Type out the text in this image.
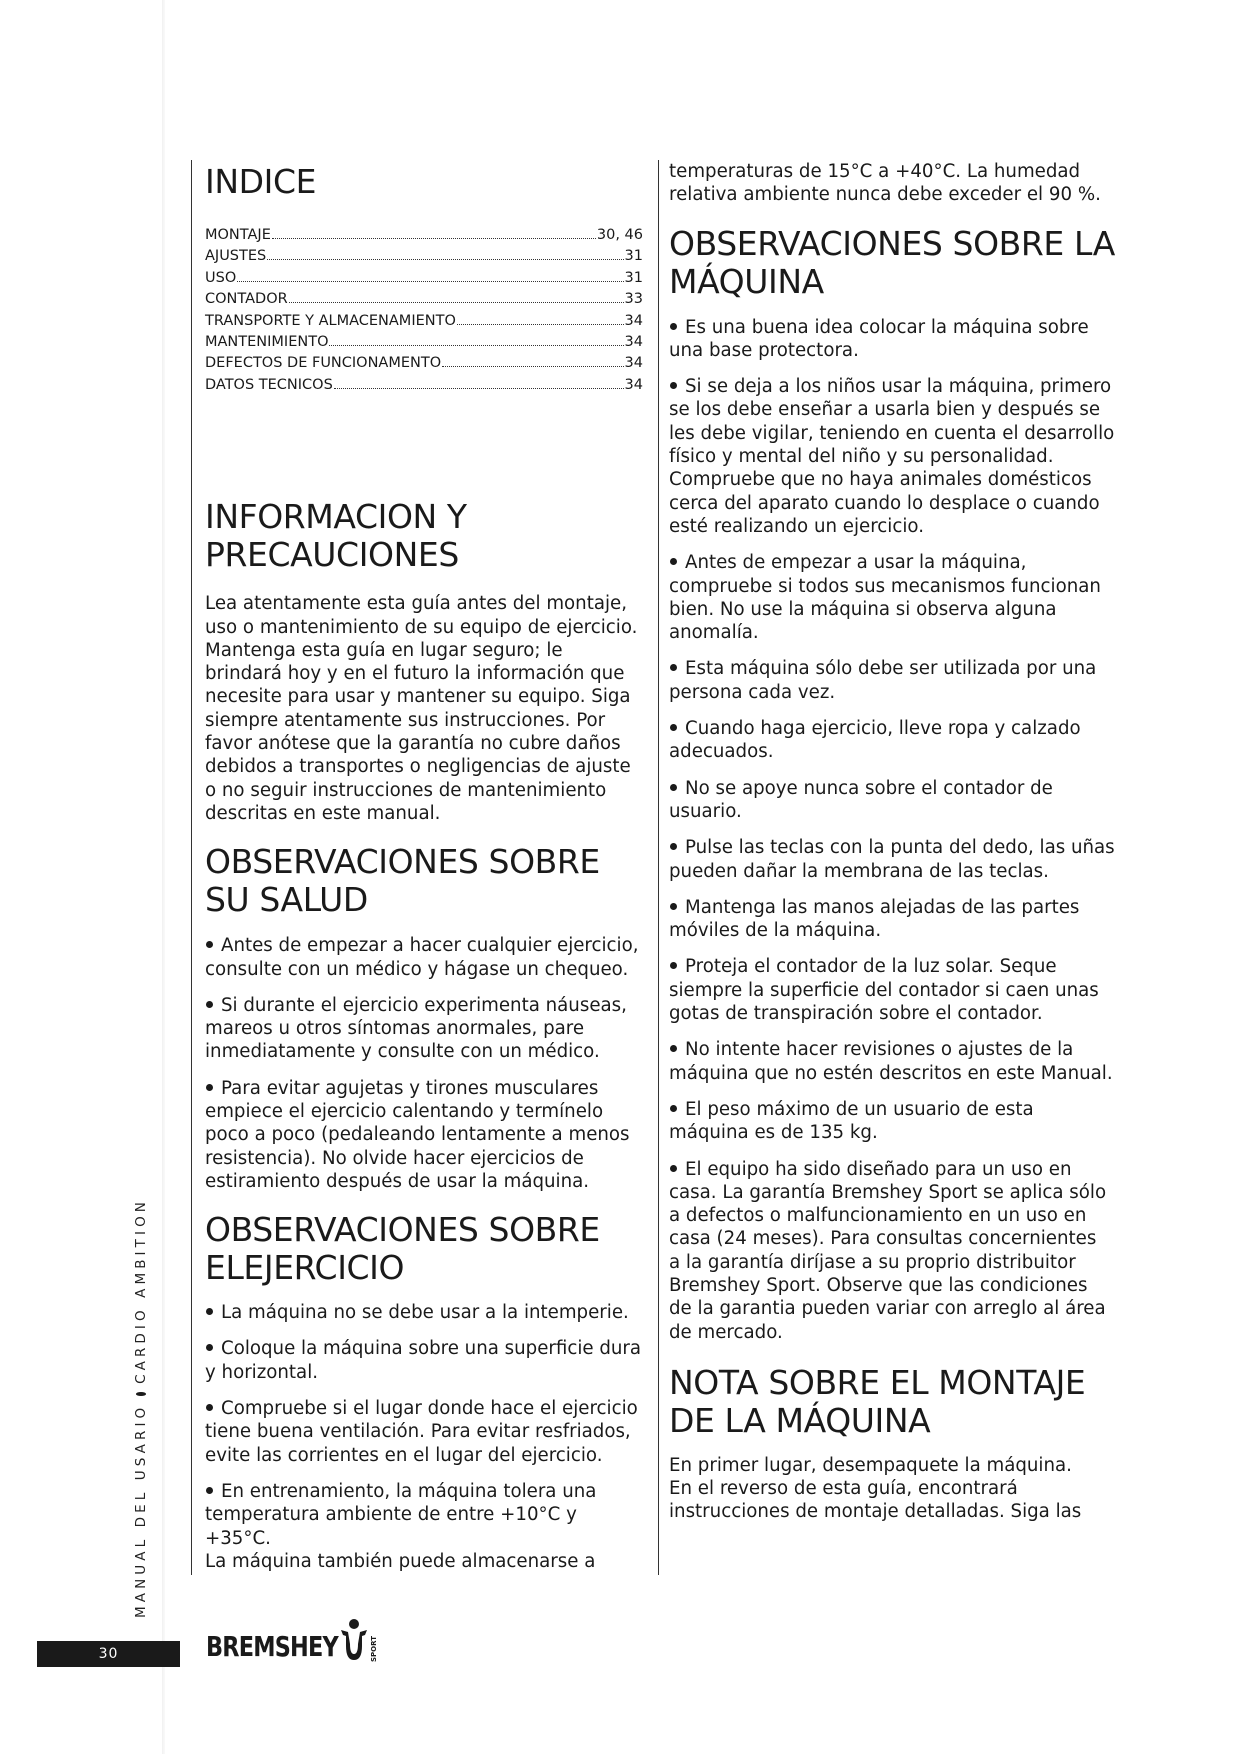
INDICE
MONTAJE	30, 46
AJUSTES	31
USO	31
CONTADOR	33
TRANSPORTE Y ALMACENAMIENTO	34
MANTENIMIENTO	34
DEFECTOS DE FUNCIONAMENTO	34
DATOS TECNICOS	34
INFORMACION Y
PRECAUCIONES
Lea atentamente esta guía antes del montaje,
uso o mantenimiento de su equipo de ejercicio.
Mantenga esta guía en lugar seguro; le
brindará hoy y en el futuro la información que
necesite para usar y mantener su equipo. Siga
siempre atentamente sus instrucciones. Por
favor anótese que la garantía no cubre daños
debidos a transportes o negligencias de ajuste
o no seguir instrucciones de mantenimiento
descritas en este manual.
OBSERVACIONES SOBRE
SU SALUD
Antes de empezar a hacer cualquier ejercicio,
consulte con un médico y hágase un chequeo.
Si durante el ejercicio experimenta náuseas,
mareos u otros síntomas anormales, pare
inmediatamente y consulte con un médico.
Para evitar agujetas y tirones musculares
empiece el ejercicio calentando y termínelo
poco a poco (pedaleando lentamente a menos
resistencia). No olvide hacer ejercicios de
estiramiento después de usar la máquina.
OBSERVACIONES SOBRE
ELEJERCICIO
La máquina no se debe usar a la intemperie.
Coloque la máquina sobre una superficie dura
y horizontal.
Compruebe si el lugar donde hace el ejercicio
tiene buena ventilación. Para evitar resfriados,
evite las corrientes en el lugar del ejercicio.
En entrenamiento, la máquina tolera una
temperatura ambiente de entre +10°C y +35°C.
La máquina también puede almacenarse a
temperaturas de 15°C a +40°C. La humedad
relativa ambiente nunca debe exceder el 90 %.
OBSERVACIONES SOBRE LA
MÁQUINA
Es una buena idea colocar la máquina sobre
una base protectora.
Si se deja a los niños usar la máquina, primero
se los debe enseñar a usarla bien y después se
les debe vigilar, teniendo en cuenta el desarrollo
físico y mental del niño y su personalidad.
Compruebe que no haya animales domésticos
cerca del aparato cuando lo desplace o cuando
esté realizando un ejercicio.
Antes de empezar a usar la máquina,
compruebe si todos sus mecanismos funcionan
bien. No use la máquina si observa alguna
anomalía.
Esta máquina sólo debe ser utilizada por una
persona cada vez.
Cuando haga ejercicio, lleve ropa y calzado
adecuados.
No se apoye nunca sobre el contador de
usuario.
Pulse las teclas con la punta del dedo, las uñas
pueden dañar la membrana de las teclas.
Mantenga las manos alejadas de las partes
móviles de la máquina.
Proteja el contador de la luz solar. Seque
siempre la superficie del contador si caen unas
gotas de transpiración sobre el contador.
No intente hacer revisiones o ajustes de la
máquina que no estén descritos en este Manual.
El peso máximo de un usuario de esta
máquina es de 135 kg.
El equipo ha sido diseñado para un uso en
casa. La garantía Bremshey Sport se aplica sólo
a defectos o malfuncionamiento en un uso en
casa (24 meses). Para consultas concernientes
a la garantía diríjase a su proprio distribuitor
Bremshey Sport. Observe que las condiciones
de la garantia pueden variar con arreglo al área
de mercado.
NOTA SOBRE EL MONTAJE
DE LA MÁQUINA
En primer lugar, desempaquete la máquina.
En el reverso de esta guía, encontrará
instrucciones de montaje detalladas. Siga las
MANUAL DEL USARIO
CARDIO AMBITION
30	BREMSHEY	SPORT
